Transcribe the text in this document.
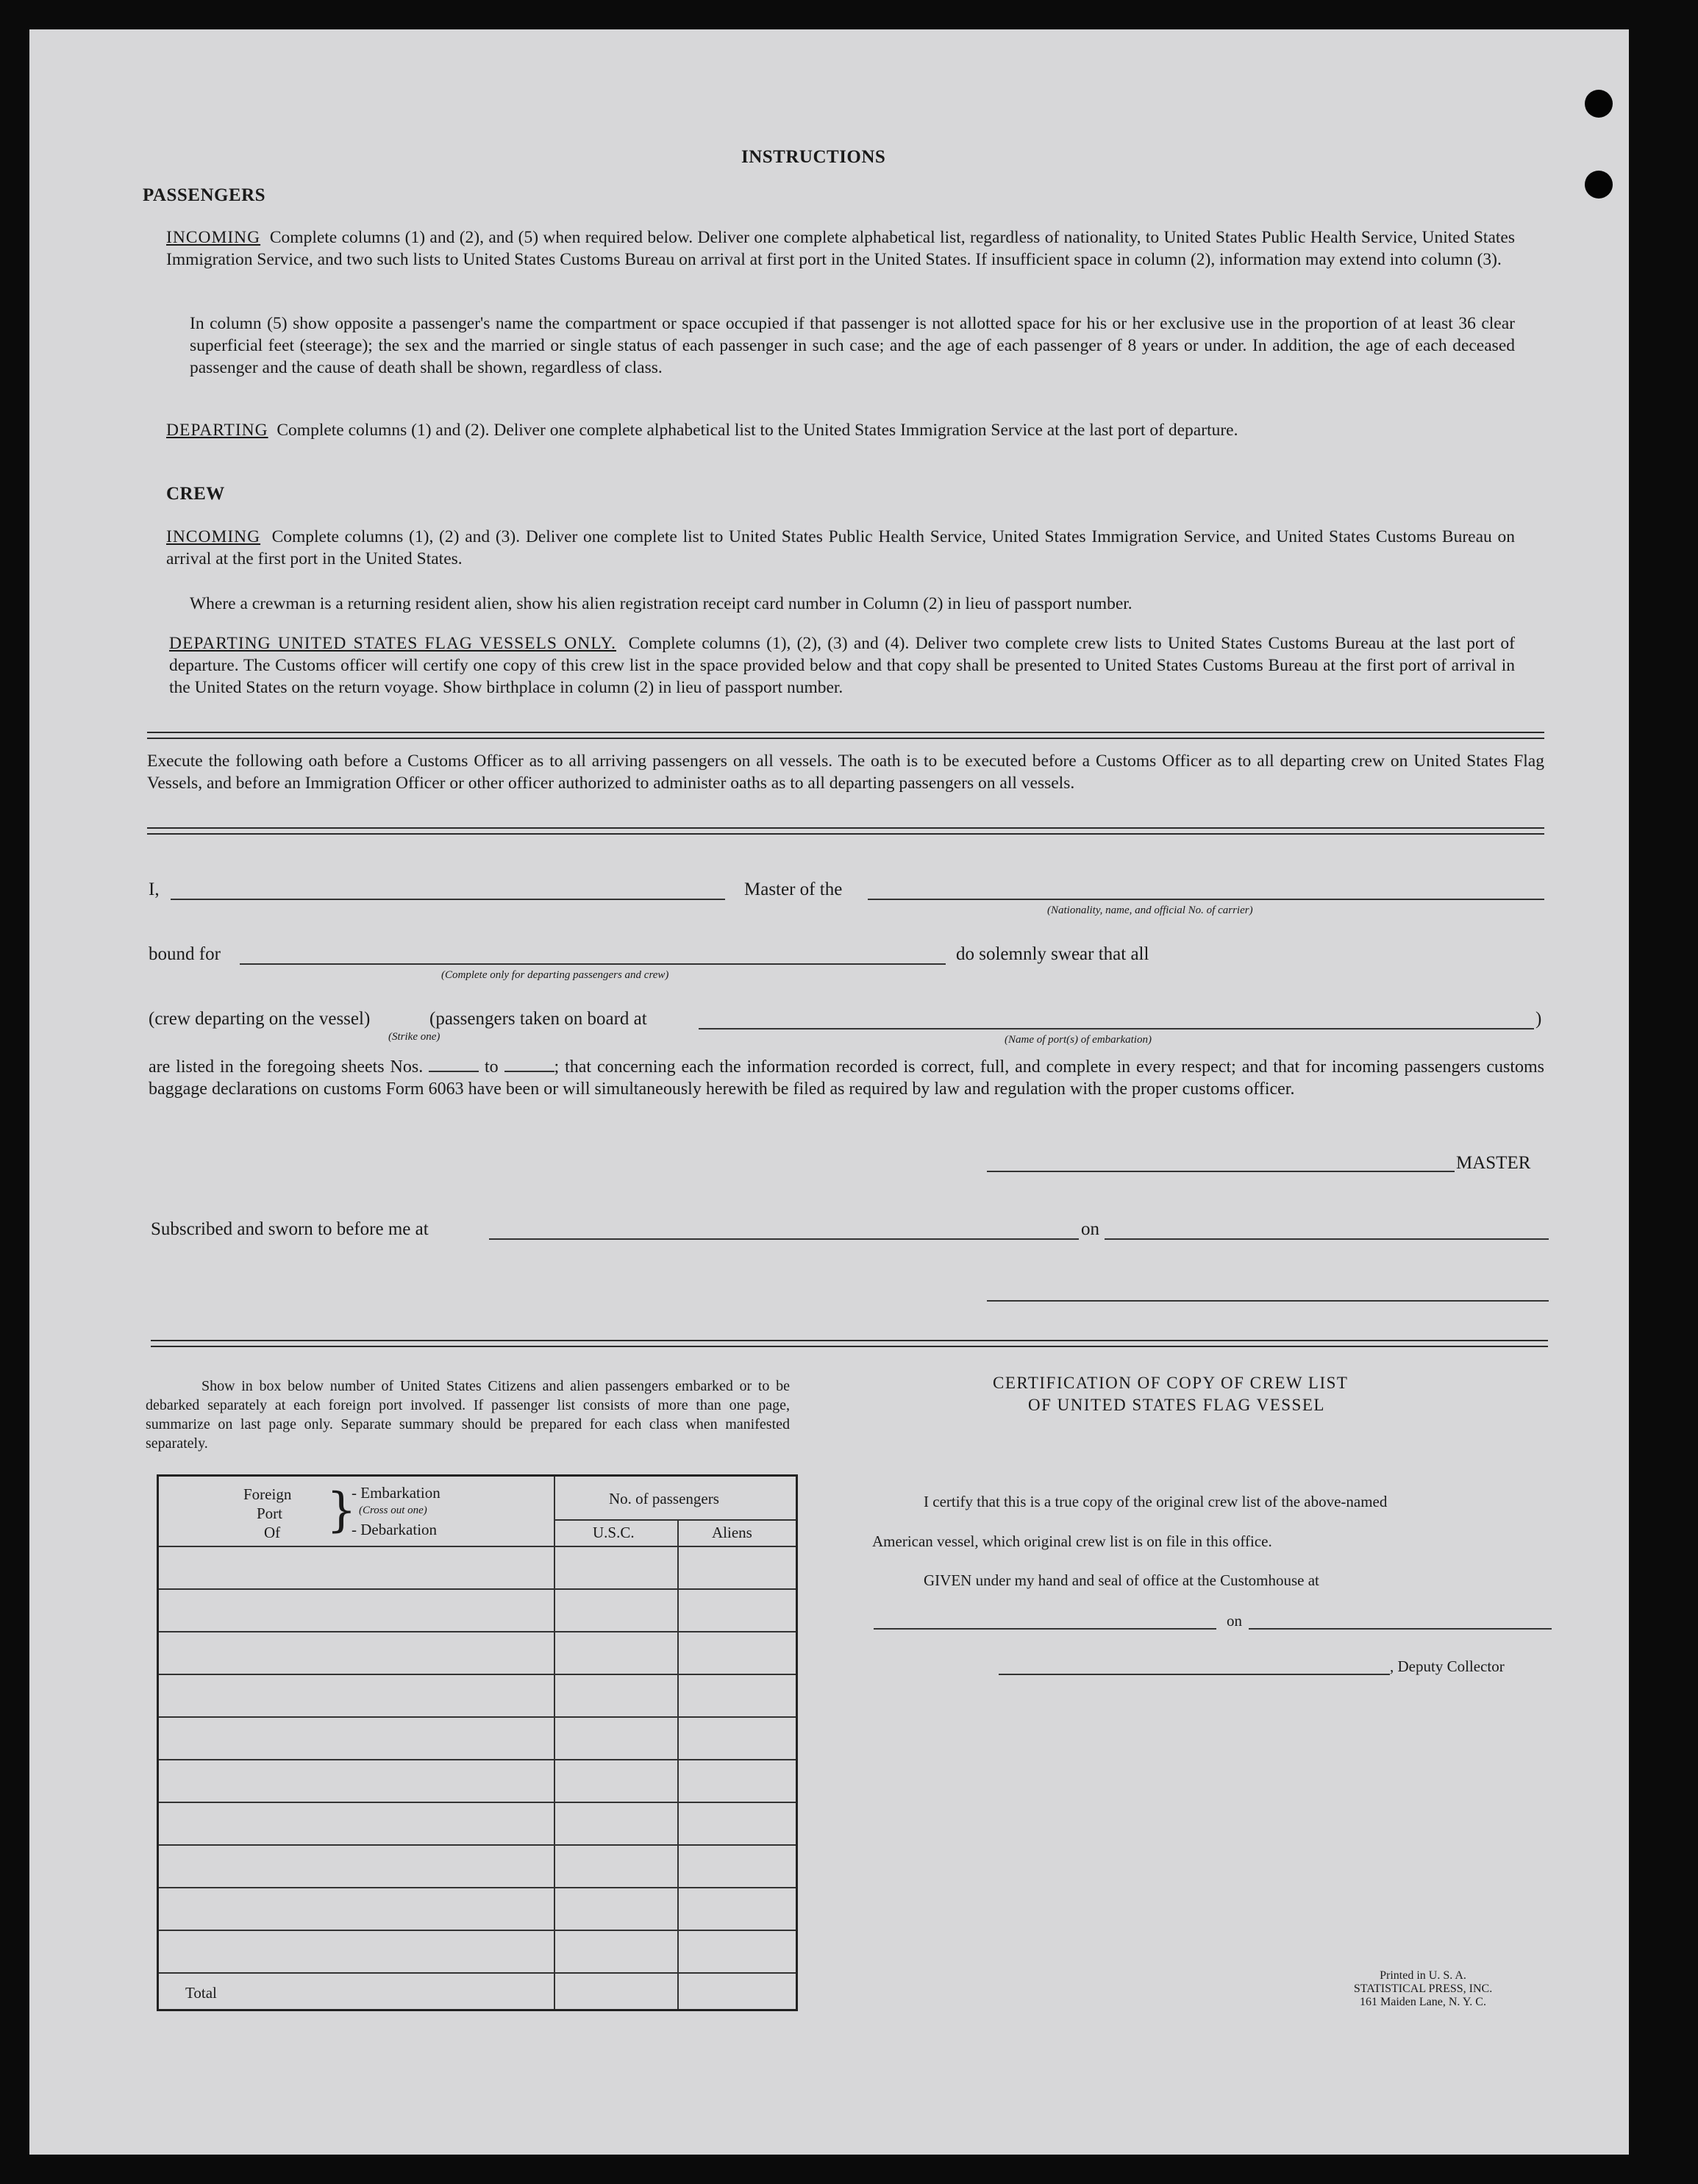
INSTRUCTIONS
PASSENGERS

INCOMING Complete columns (1) and (2), and (5) when required below. Deliver one complete alphabetical list, regardless of nationality, to United States Public Health Service, United States Immigration Service, and two such lists to United States Customs Bureau on arrival at first port in the United States. If insufficient space in column (2), information may extend into column (3).

In column (5) show opposite a passenger's name the compartment or space occupied if that passenger is not allotted space for his or her exclusive use in the proportion of at least 36 clear superficial feet (steerage); the sex and the married or single status of each passenger in such case; and the age of each passenger of 8 years or under. In addition, the age of each deceased passenger and the cause of death shall be shown, regardless of class.

DEPARTING Complete columns (1) and (2). Deliver one complete alphabetical list to the United States Immigration Service at the last port of departure.

CREW

INCOMING Complete columns (1), (2) and (3). Deliver one complete list to United States Public Health Service, United States Immigration Service, and United States Customs Bureau on arrival at the first port in the United States.

Where a crewman is a returning resident alien, show his alien registration receipt card number in Column (2) in lieu of passport number.

DEPARTING UNITED STATES FLAG VESSELS ONLY. Complete columns (1), (2), (3) and (4). Deliver two complete crew lists to United States Customs Bureau at the last port of departure. The Customs officer will certify one copy of this crew list in the space provided below and that copy shall be presented to United States Customs Bureau at the first port of arrival in the United States on the return voyage. Show birthplace in column (2) in lieu of passport number.

Execute the following oath before a Customs Officer as to all arriving passengers on all vessels. The oath is to be executed before a Customs Officer as to all departing crew on United States Flag Vessels, and before an Immigration Officer or other officer authorized to administer oaths as to all departing passengers on all vessels.

I,	Master of the
(Nationality, name, and official No. of carrier)
bound for
(Complete only for departing passengers and crew)
do solemnly swear that all
(crew departing on the vessel)
(Strike one)
(passengers taken on board at	)
(Name of port(s) of embarkation)

are listed in the foregoing sheets Nos.	to	; that concerning each the information recorded is correct, full, and complete in every respect; and that for incoming passengers customs baggage declarations on customs Form 6063 have been or will simultaneously herewith be filed as required by law and regulation with the proper customs officer.

MASTER
Subscribed and sworn to before me at	on

Show in box below number of United States Citizens and alien passengers embarked or to be debarked separately at each foreign port involved. If passenger list consists of more than one page, summarize on last page only. Separate summary should be prepared for each class when manifested separately.

Foreign
Port
Of }
- Embarkation
(Cross out one)
- Debarkation
No. of passengers
U.S.C.	Aliens
Total
CERTIFICATION OF COPY OF CREW LIST
OF UNITED STATES FLAG VESSEL
I certify that this is a true copy of the original crew list of the above-named
American vessel, which original crew list is on file in this office.
GIVEN under my hand and seal of office at the Customhouse at
on
, Deputy Collector
Printed in U. S. A.
STATISTICAL PRESS, INC.
161 Maiden Lane, N. Y. C.
